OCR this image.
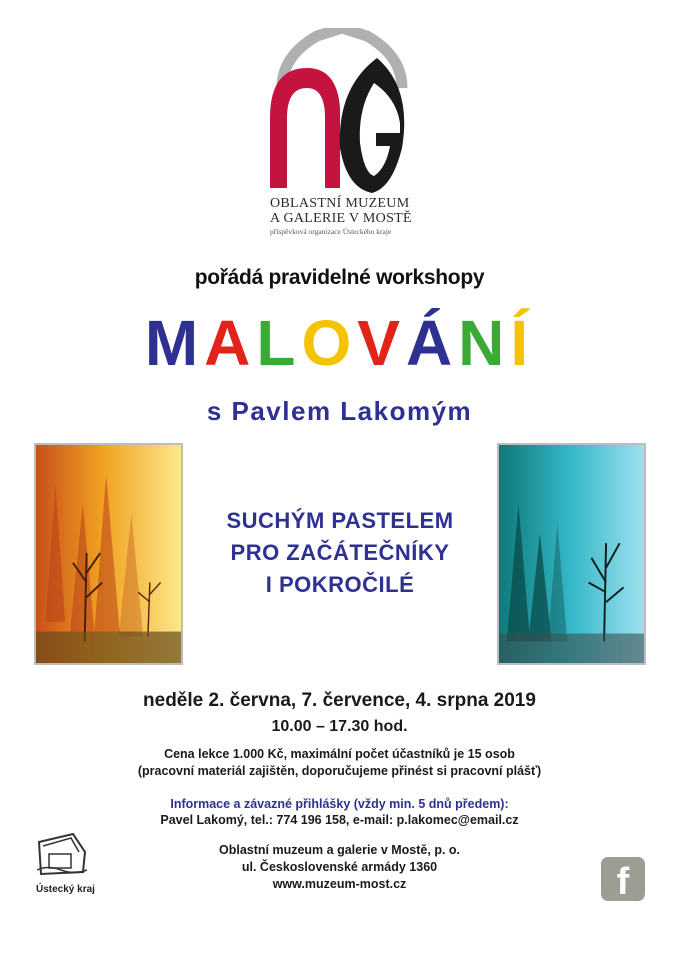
OBLASTNÍ MUZEUM
A GALERIE V MOSTĚ
příspěvková organizace Ústeckého kraje
pořádá pravidelné workshopy
MALOVÁNÍ
s Pavlem Lakomým
SUCHÝM PASTELEM
PRO ZAČÁTEČNÍKY
I POKROČILÉ
neděle 2. června, 7. července, 4. srpna 2019
10.00 – 17.30 hod.
Cena lekce 1.000 Kč, maximální počet účastníků je 15 osob
(pracovní materiál zajištěn, doporučujeme přinést si pracovní plášť)
Informace a závazné přihlášky (vždy min. 5 dnů předem):
Pavel Lakomý, tel.: 774 196 158, e-mail: p.lakomec@email.cz
Oblastní muzeum a galerie v Mostě, p. o.
ul. Československé armády 1360
www.muzeum-most.cz
Ústecký kraj	f
